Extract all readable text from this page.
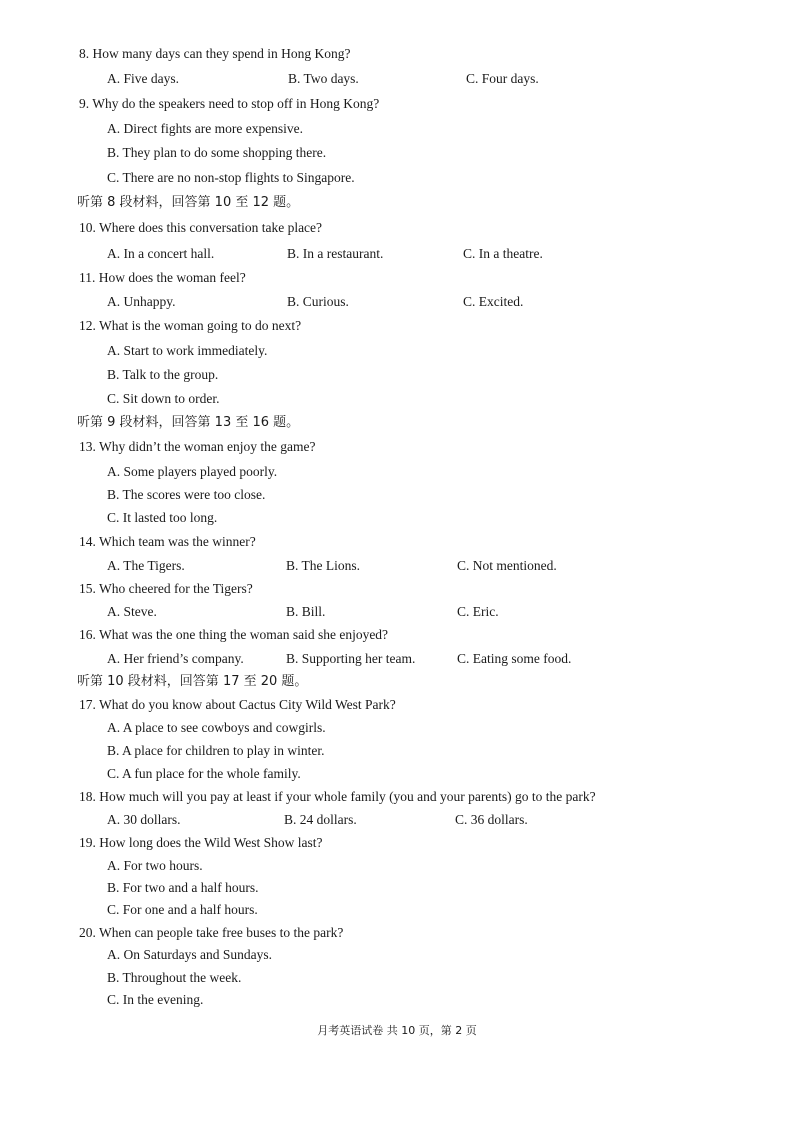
8. How many days can they spend in Hong Kong?
A. Five days.	B. Two days.	C. Four days.
9. Why do the speakers need to stop off in Hong Kong?
A. Direct fights are more expensive.
B. They plan to do some shopping there.
C. There are no non-stop flights to Singapore.
听第 8 段材料，回答第 10 至 12 题。
10. Where does this conversation take place?
A. In a concert hall.	B. In a restaurant.	C. In a theatre.
11. How does the woman feel?
A. Unhappy.	B. Curious.	C. Excited.
12. What is the woman going to do next?
A. Start to work immediately.
B. Talk to the group.
C. Sit down to order.
听第 9 段材料，回答第 13 至 16 题。
13. Why didn’t the woman enjoy the game?
A. Some players played poorly.
B. The scores were too close.
C. It lasted too long.
14. Which team was the winner?
A. The Tigers.	B. The Lions.	C. Not mentioned.
15. Who cheered for the Tigers?
A. Steve.	B. Bill.	C. Eric.
16. What was the one thing the woman said she enjoyed?
A. Her friend’s company.	B. Supporting her team.	C. Eating some food.
听第 10 段材料，回答第 17 至 20 题。
17. What do you know about Cactus City Wild West Park?
A. A place to see cowboys and cowgirls.
B. A place for children to play in winter.
C. A fun place for the whole family.
18. How much will you pay at least if your whole family (you and your parents) go to the park?
A. 30 dollars.	B. 24 dollars.	C. 36 dollars.
19. How long does the Wild West Show last?
A. For two hours.
B. For two and a half hours.
C. For one and a half hours.
20. When can people take free buses to the park?
A. On Saturdays and Sundays.
B. Throughout the week.
C. In the evening.
月考英语试卷 共 10 页，第 2 页
